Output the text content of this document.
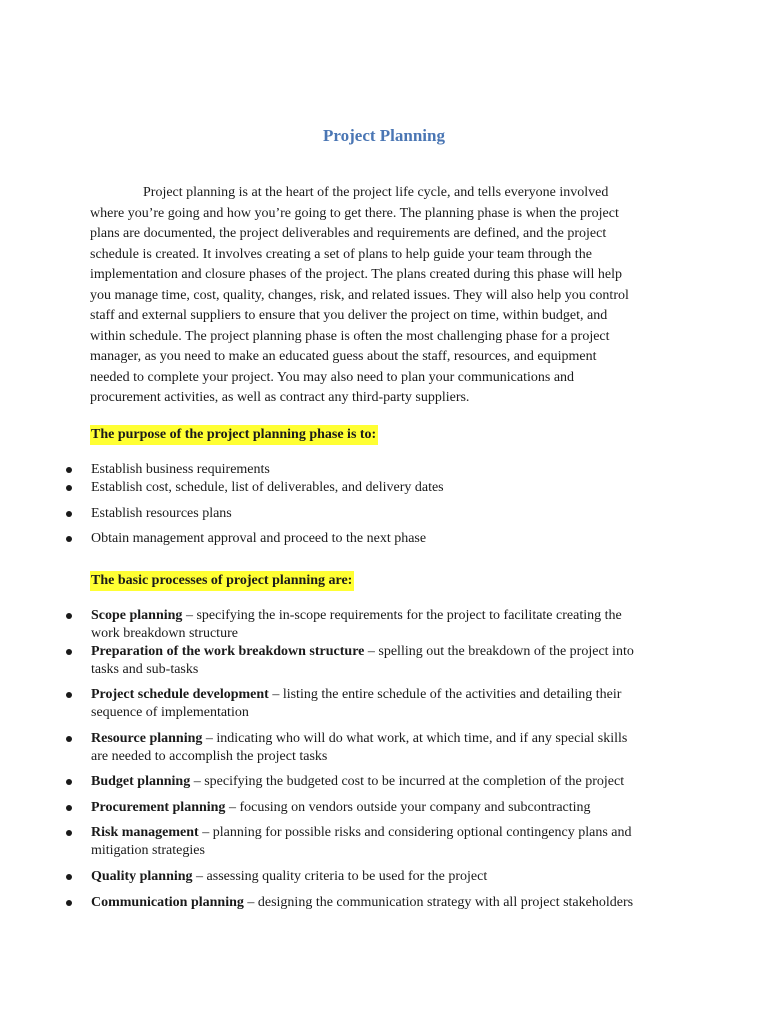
Project Planning
Project planning is at the heart of the project life cycle, and tells everyone involved
where you’re going and how you’re going to get there. The planning phase is when the project
plans are documented, the project deliverables and requirements are defined, and the project
schedule is created. It involves creating a set of plans to help guide your team through the
implementation and closure phases of the project. The plans created during this phase will help
you manage time, cost, quality, changes, risk, and related issues. They will also help you control
staff and external suppliers to ensure that you deliver the project on time, within budget, and
within schedule. The project planning phase is often the most challenging phase for a project
manager, as you need to make an educated guess about the staff, resources, and equipment
needed to complete your project. You may also need to plan your communications and
procurement activities, as well as contract any third-party suppliers.
The purpose of the project planning phase is to:
Establish business requirements
Establish cost, schedule, list of deliverables, and delivery dates
Establish resources plans
Obtain management approval and proceed to the next phase
The basic processes of project planning are:
Scope planning – specifying the in-scope requirements for the project to facilitate creating the
work breakdown structure
Preparation of the work breakdown structure – spelling out the breakdown of the project into
tasks and sub-tasks
Project schedule development – listing the entire schedule of the activities and detailing their
sequence of implementation
Resource planning – indicating who will do what work, at which time, and if any special skills
are needed to accomplish the project tasks
Budget planning – specifying the budgeted cost to be incurred at the completion of the project
Procurement planning – focusing on vendors outside your company and subcontracting
Risk management – planning for possible risks and considering optional contingency plans and
mitigation strategies
Quality planning – assessing quality criteria to be used for the project
Communication planning – designing the communication strategy with all project stakeholders
